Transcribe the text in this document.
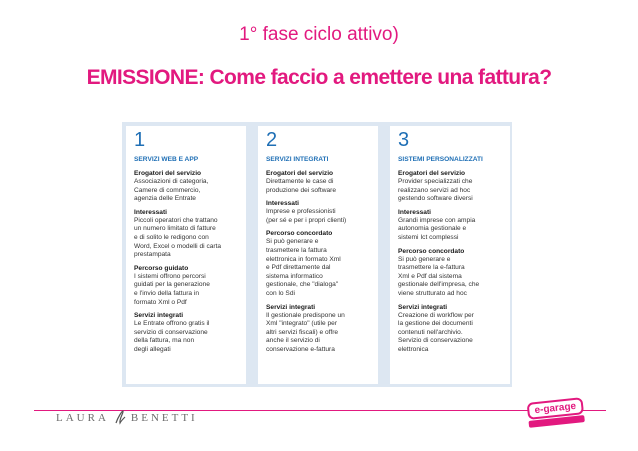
1° fase ciclo attivo)
EMISSIONE: Come faccio a emettere una fattura?
1
SERVIZI WEB E APP
Erogatori del servizio
Associazioni di categoria,
Camere di commercio,
agenzia delle Entrate
Interessati
Piccoli operatori che trattano
un numero limitato di fatture
e di solito le redigono con
Word, Excel o modelli di carta
prestampata
Percorso guidato
I sistemi offrono percorsi
guidati per la generazione
e l'invio della fattura in
formato Xml o Pdf
Servizi integrati
Le Entrate offrono gratis il
servizio di conservazione
della fattura, ma non
degli allegati
2
SERVIZI INTEGRATI
Erogatori del servizio
Direttamente le case di
produzione dei software
Interessati
Imprese e professionisti
(per sé e per i propri clienti)
Percorso concordato
Si può generare e
trasmettere la fattura
elettronica in formato Xml
e Pdf direttamente dal
sistema informatico
gestionale, che "dialoga"
con lo Sdi
Servizi integrati
Il gestionale predispone un
Xml "integrato" (utile per
altri servizi fiscali) e offre
anche il servizio di
conservazione e-fattura
3
SISTEMI PERSONALIZZATI
Erogatori del servizio
Provider specializzati che
realizzano servizi ad hoc
gestendo software diversi
Interessati
Grandi imprese con ampia
autonomia gestionale e
sistemi Ict complessi
Percorso concordato
Si può generare e
trasmettere la e-fattura
Xml e Pdf dal sistema
gestionale dell'impresa, che
viene strutturato ad hoc
Servizi integrati
Creazione di workflow per
la gestione dei documenti
contenuti nell'archivio.
Servizio di conservazione
elettronica
LAURA BENETTI
e-garage
